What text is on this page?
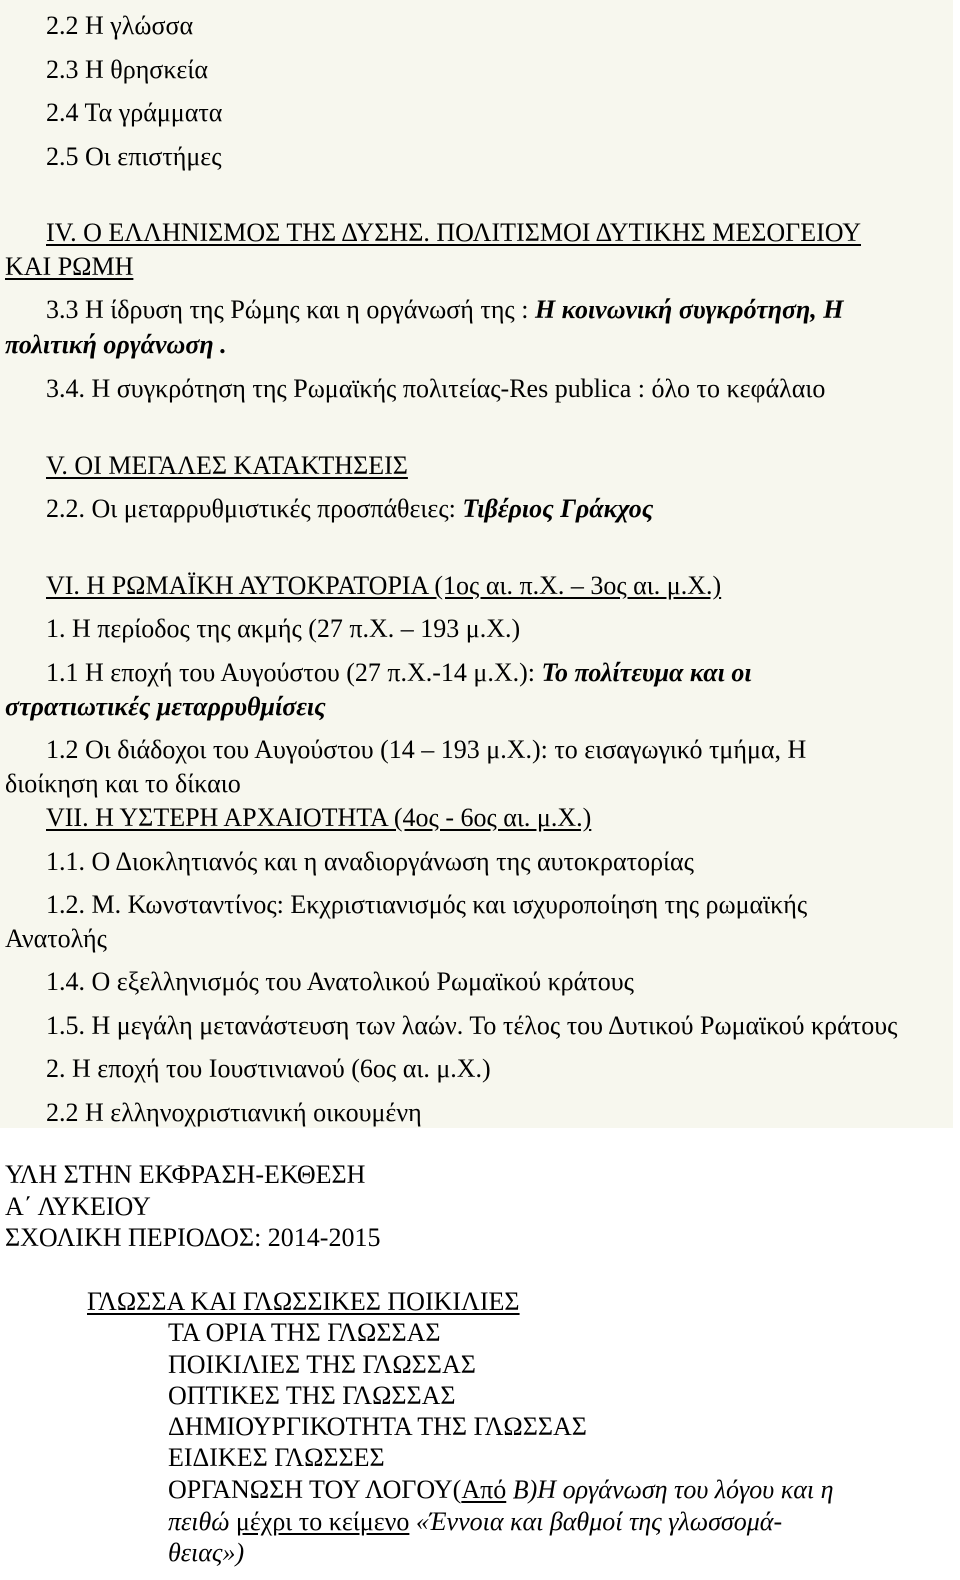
2.2 Η γλώσσα
2.3 Η θρησκεία
2.4 Τα γράμματα
2.5 Οι επιστήμες
IV. Ο ΕΛΛΗΝΙΣΜΟΣ ΤΗΣ ΔΥΣΗΣ. ΠΟΛΙΤΙΣΜΟΙ ΔΥΤΙΚΗΣ ΜΕΣΟΓΕΙΟΥ
ΚΑΙ ΡΩΜΗ
3.3 Η ίδρυση της Ρώμης και η οργάνωσή της : Η κοινωνική συγκρότηση, Η
πολιτική οργάνωση .
3.4. Η συγκρότηση της Ρωμαϊκής πολιτείας-Res publica : όλο το κεφάλαιο
V. ΟΙ ΜΕΓΑΛΕΣ ΚΑΤΑΚΤΗΣΕΙΣ
2.2. Οι μεταρρυθμιστικές προσπάθειες: Τιβέριος Γράκχος
VI. Η ΡΩΜΑΪΚΗ ΑΥΤΟΚΡΑΤΟΡΙΑ (1ος αι. π.Χ. – 3ος αι. μ.Χ.)
1. Η περίοδος της ακμής (27 π.Χ. – 193 μ.Χ.)
1.1 Η εποχή του Αυγούστου (27 π.Χ.-14 μ.Χ.): Το πολίτευμα και οι
στρατιωτικές μεταρρυθμίσεις
1.2 Οι διάδοχοι του Αυγούστου (14 – 193 μ.Χ.): το εισαγωγικό τμήμα, Η
διοίκηση και το δίκαιο
VII. Η ΥΣΤΕΡΗ ΑΡΧΑΙΟΤΗΤΑ (4ος - 6ος αι. μ.Χ.)
1.1. Ο Διοκλητιανός και η αναδιοργάνωση της αυτοκρατορίας
1.2. Μ. Κωνσταντίνος: Εκχριστιανισμός και ισχυροποίηση της ρωμαϊκής
Ανατολής
1.4. Ο εξελληνισμός του Ανατολικού Ρωμαϊκού κράτους
1.5. Η μεγάλη μετανάστευση των λαών. Το τέλος του Δυτικού Ρωμαϊκού κράτους
2. Η εποχή του Ιουστινιανού (6ος αι. μ.Χ.)
2.2 Η ελληνοχριστιανική οικουμένη
ΥΛΗ ΣΤΗΝ ΕΚΦΡΑΣΗ-ΕΚΘΕΣΗ
Α΄ ΛΥΚΕΙΟΥ
ΣΧΟΛΙΚΗ ΠΕΡΙΟΔΟΣ: 2014-2015
ΓΛΩΣΣΑ ΚΑΙ ΓΛΩΣΣΙΚΕΣ ΠΟΙΚΙΛΙΕΣ
ΤΑ ΟΡΙΑ ΤΗΣ ΓΛΩΣΣΑΣ
ΠΟΙΚΙΛΙΕΣ ΤΗΣ ΓΛΩΣΣΑΣ
ΟΠΤΙΚΕΣ ΤΗΣ ΓΛΩΣΣΑΣ
ΔΗΜΙΟΥΡΓΙΚΟΤΗΤΑ ΤΗΣ ΓΛΩΣΣΑΣ
ΕΙΔΙΚΕΣ ΓΛΩΣΣΕΣ
ΟΡΓΑΝΩΣΗ ΤΟΥ ΛΟΓΟΥ(Από Β)Η οργάνωση του λόγου και η
πειθώ μέχρι το κείμενο «Έννοια και βαθμοί της γλωσσομά-
θειας»)
